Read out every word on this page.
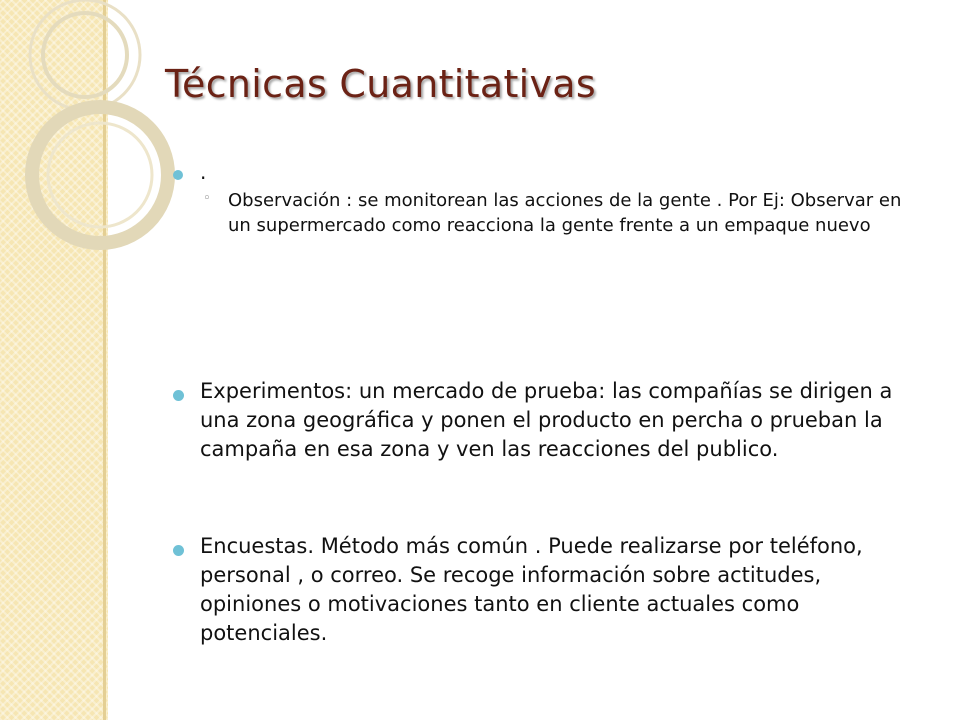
Técnicas Cuantitativas
.
◦ Observación : se monitorean las acciones de la gente . Por Ej: Observar en un supermercado como reacciona la gente frente a un empaque nuevo
Experimentos: un mercado de prueba: las compañías se dirigen a una zona geográfica y ponen el producto en percha o prueban la campaña en esa zona y ven las reacciones del publico.
Encuestas. Método más común . Puede realizarse por teléfono, personal , o correo. Se recoge información sobre actitudes, opiniones o motivaciones tanto en cliente actuales como potenciales.
